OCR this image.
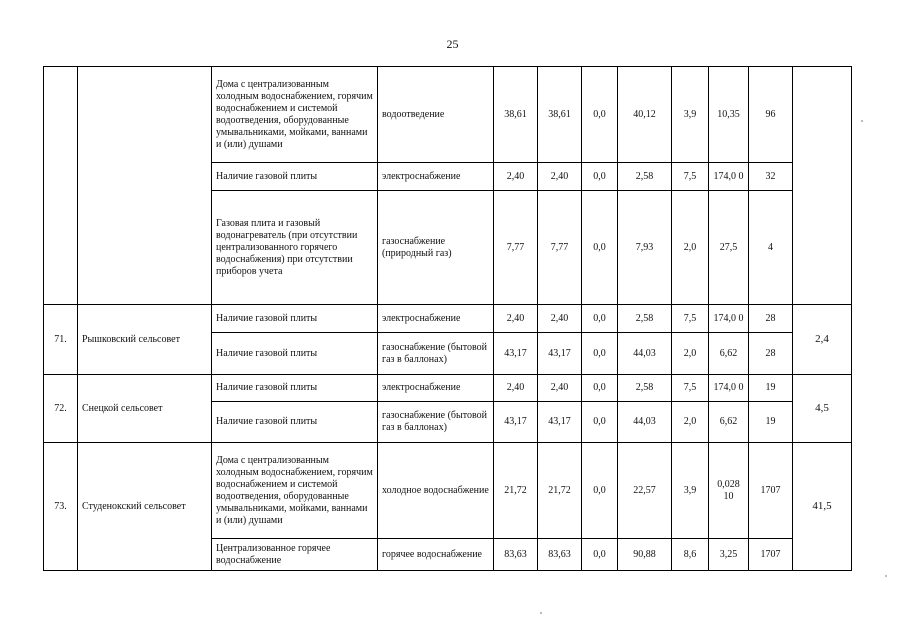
25
		Дома с централизованным холодным водоснабжением, горячим водоснабжением и системой водоотведения, оборудованные умывальниками, мойками, ваннами и (или) душами	водоотведение	38,61	38,61	0,0	40,12	3,9	10,35	96	
		Наличие газовой плиты	электроснабжение	2,40	2,40	0,0	2,58	7,5	174,0 0	32	
		Газовая плита и газовый водонагреватель (при отсутствии централизованного горячего водоснабжения) при отсутствии приборов учета	газоснабжение (природный газ)	7,77	7,77	0,0	7,93	2,0	27,5	4	
71.	Рышковский сельсовет	Наличие газовой плиты	электроснабжение	2,40	2,40	0,0	2,58	7,5	174,0 0	28	2,4
		Наличие газовой плиты	газоснабжение (бытовой газ в баллонах)	43,17	43,17	0,0	44,03	2,0	6,62	28	
72.	Снецкой сельсовет	Наличие газовой плиты	электроснабжение	2,40	2,40	0,0	2,58	7,5	174,0 0	19	4,5
		Наличие газовой плиты	газоснабжение (бытовой газ в баллонах)	43,17	43,17	0,0	44,03	2,0	6,62	19	
73.	Студенокский сельсовет	Дома с централизованным холодным водоснабжением, горячим водоснабжением и системой водоотведения, оборудованные умывальниками, мойками, ваннами и (или) душами	холодное водоснабжение	21,72	21,72	0,0	22,57	3,9	0,028 10	1707	41,5
		Централизованное горячее водоснабжение	горячее водоснабжение	83,63	83,63	0,0	90,88	8,6	3,25	1707	
